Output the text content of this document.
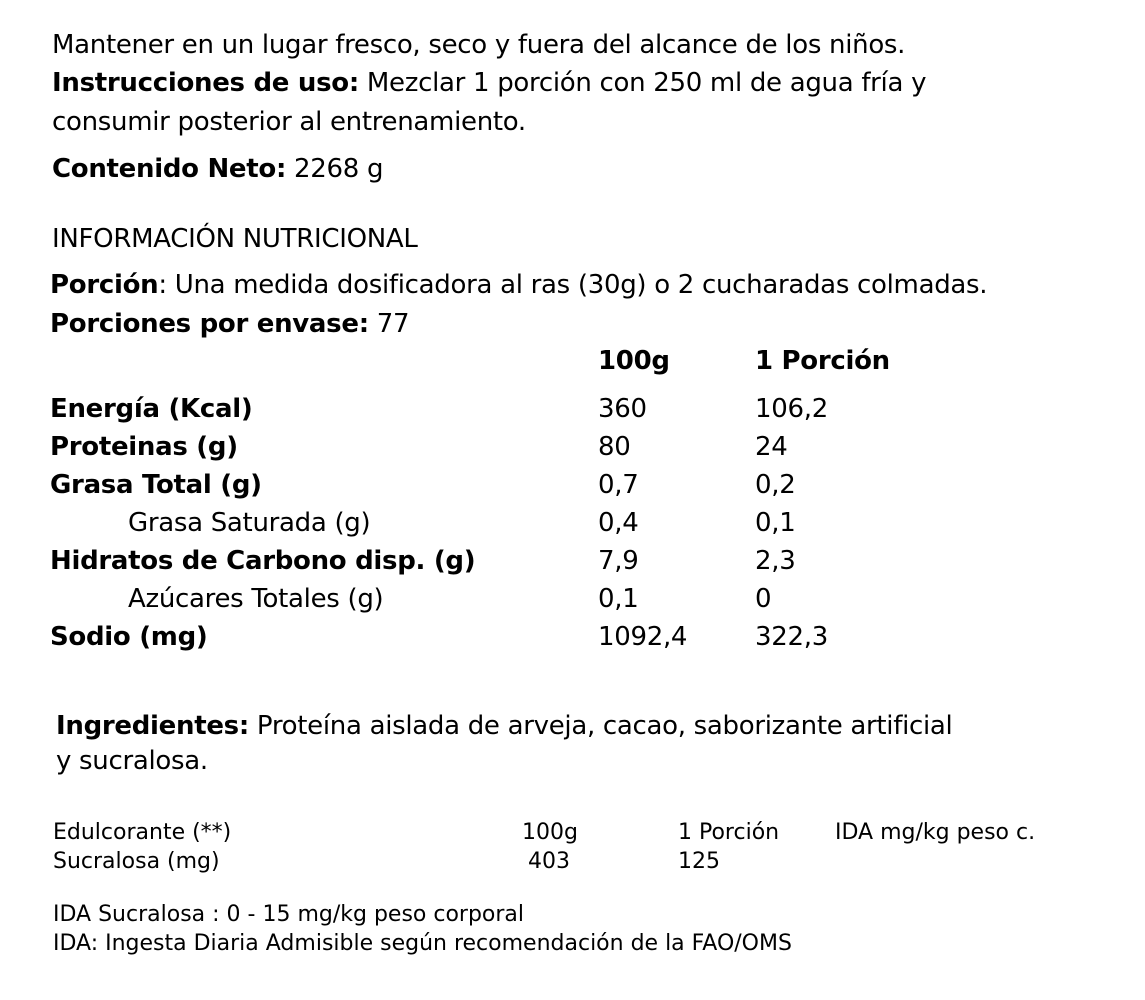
Mantener en un lugar fresco, seco y fuera del alcance de los niños.
Instrucciones de uso: Mezclar 1 porción con 250 ml de agua fría y
consumir posterior al entrenamiento.
Contenido Neto: 2268 g
INFORMACIÓN NUTRICIONAL
Porción: Una medida dosificadora al ras (30g) o 2 cucharadas colmadas.
Porciones por envase: 77
100g	1 Porción
Energía (Kcal)	360	106,2
Proteinas (g)	80	24
Grasa Total (g)	0,7	0,2
Grasa Saturada (g)	0,4	0,1
Hidratos de Carbono disp. (g)	7,9	2,3
Azúcares Totales (g)	0,1	0
Sodio (mg)	1092,4	322,3
Ingredientes: Proteína aislada de arveja, cacao, saborizante artificial
y sucralosa.
Edulcorante (**)	100g	1 Porción	IDA mg/kg peso c.
Sucralosa (mg)	403	125
IDA Sucralosa : 0 - 15 mg/kg peso corporal
IDA: Ingesta Diaria Admisible según recomendación de la FAO/OMS
